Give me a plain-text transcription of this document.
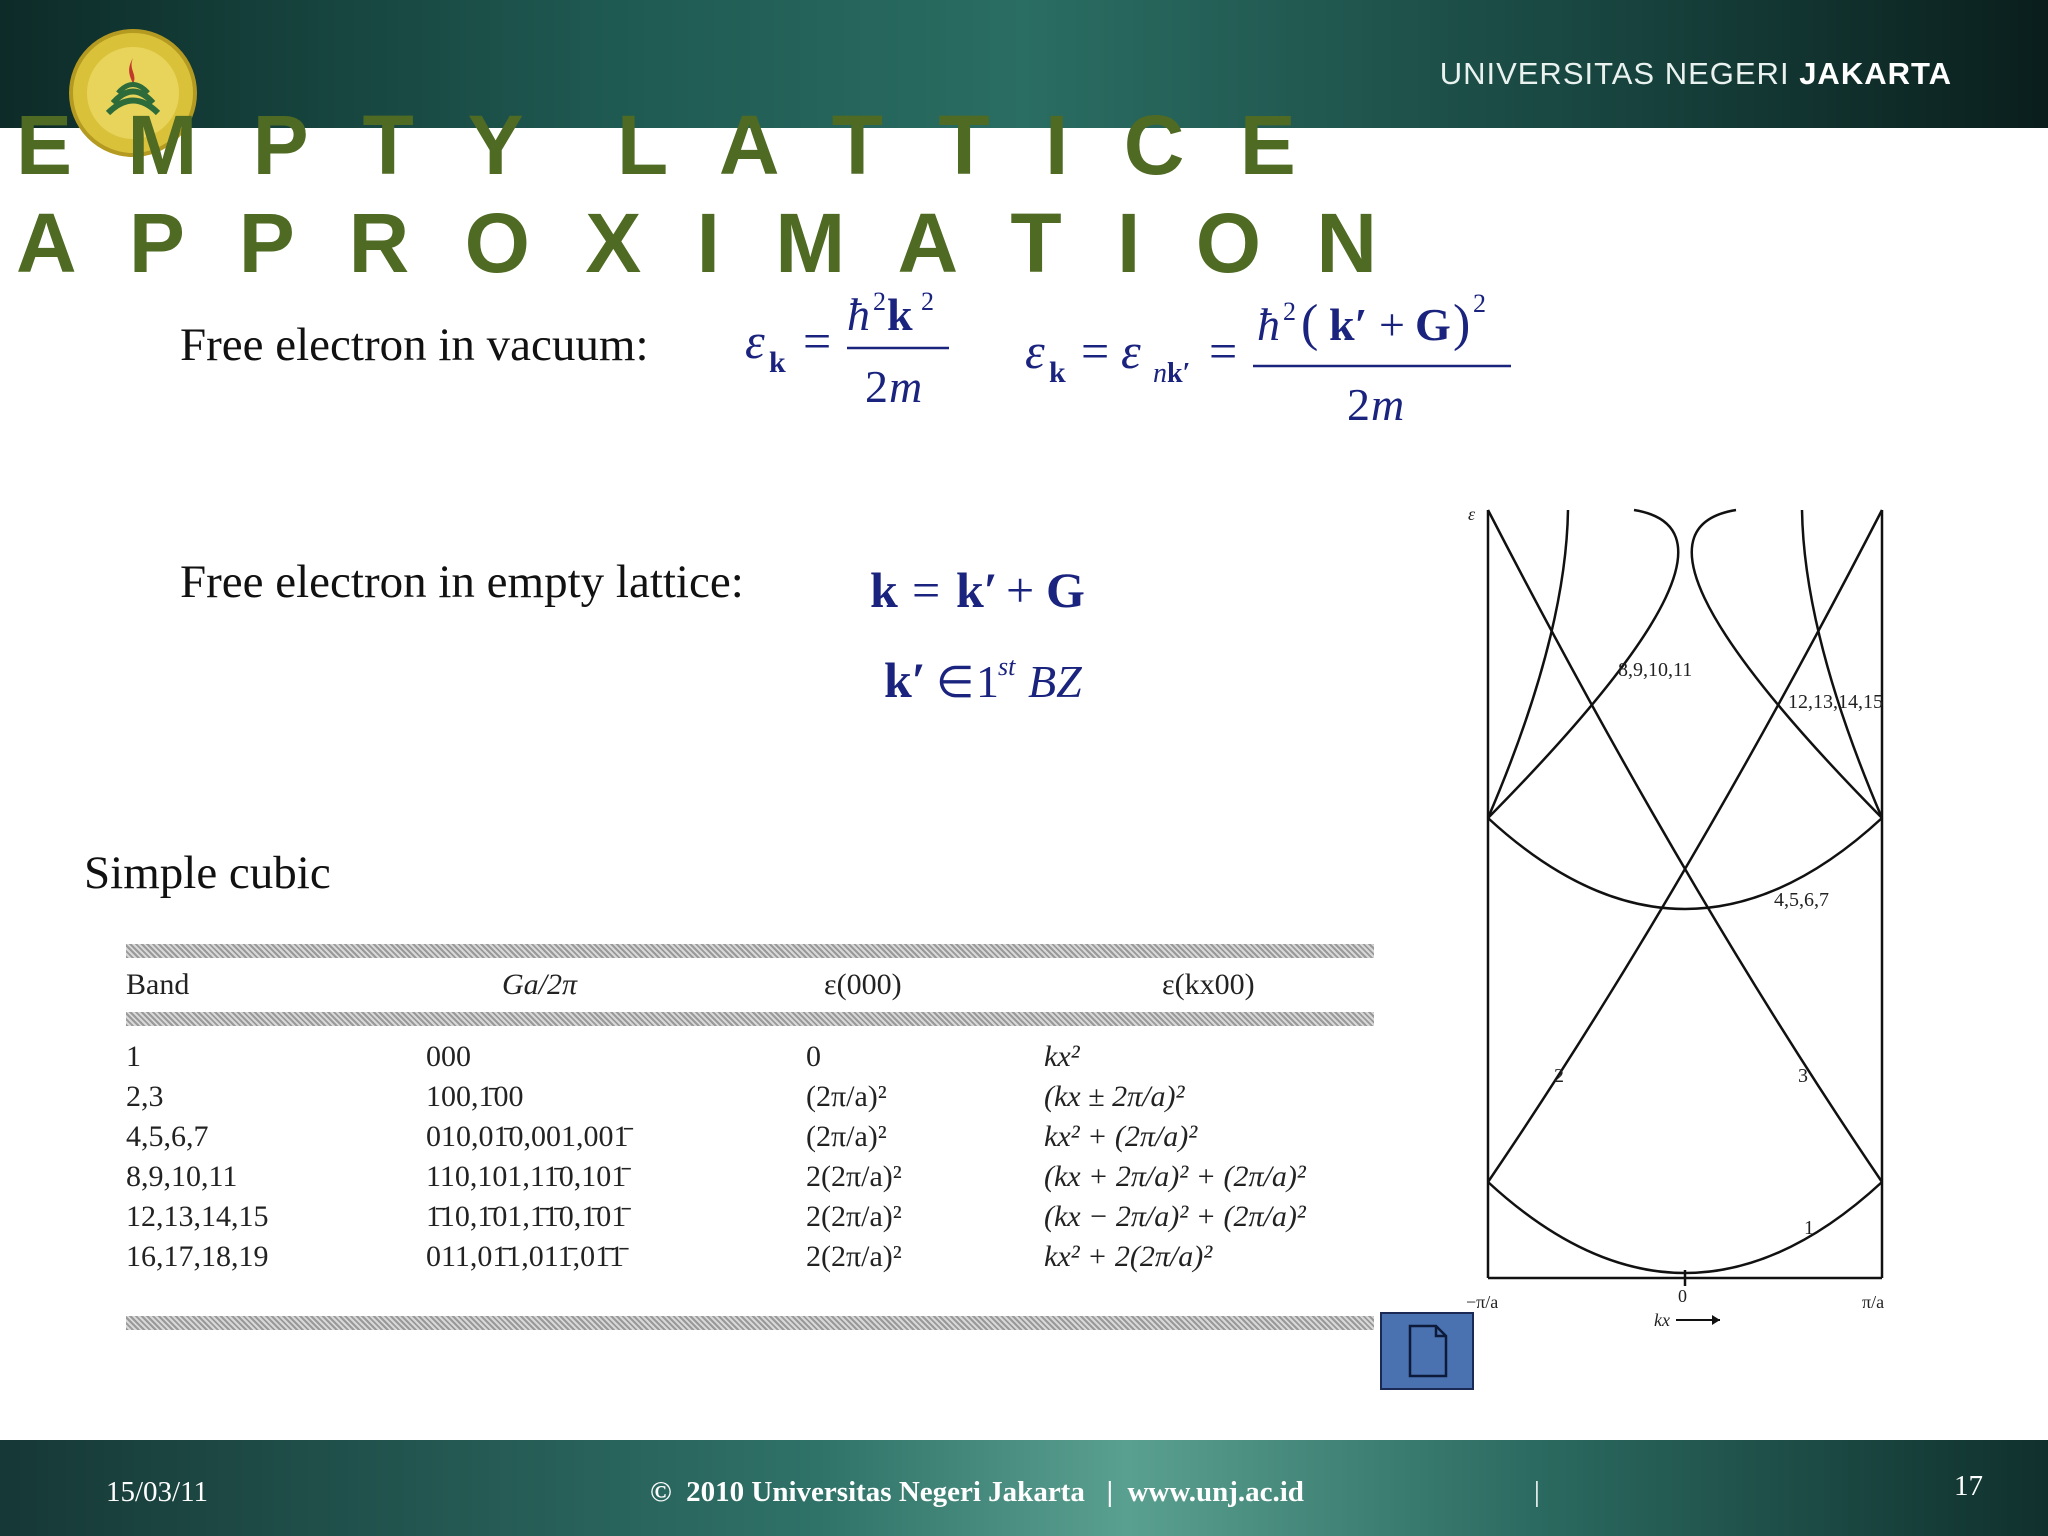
UNIVERSITAS NEGERI JAKARTA
E M P T Y  L A T T I C E
A P P R O X I M A T I O N
Free electron in vacuum:
Free electron in empty lattice:
Simple cubic
ε k = ħ 2 k 2
2 m
ε k = ε n k′ = ħ 2 ( k′ + G ) 2
2 m
k = k′ + G
k′ ∈ 1 st BZ
Band	Ga/2π	ε(000)	ε(kx00)
1	000	0	kx²
2,3	100,1̄00	(2π/a)²	(kx ± 2π/a)²
4,5,6,7	010,01̄0,001,001̄	(2π/a)²	kx² + (2π/a)²
8,9,10,11	110,101,11̄0,101̄	2(2π/a)²	(kx + 2π/a)² + (2π/a)²
12,13,14,15	1̄10,1̄01,1̄1̄0,1̄01̄	2(2π/a)²	(kx − 2π/a)² + (2π/a)²
16,17,18,19	011,01̄1,011̄,01̄1̄	2(2π/a)²	kx² + 2(2π/a)²
ε
1
2	3
4,5,6,7
8,9,10,11
12,13,14,15
−π/a	0	π/a
kx
15/03/11	©  2010 Universitas Negeri Jakarta   |  www.unj.ac.id	|	17
